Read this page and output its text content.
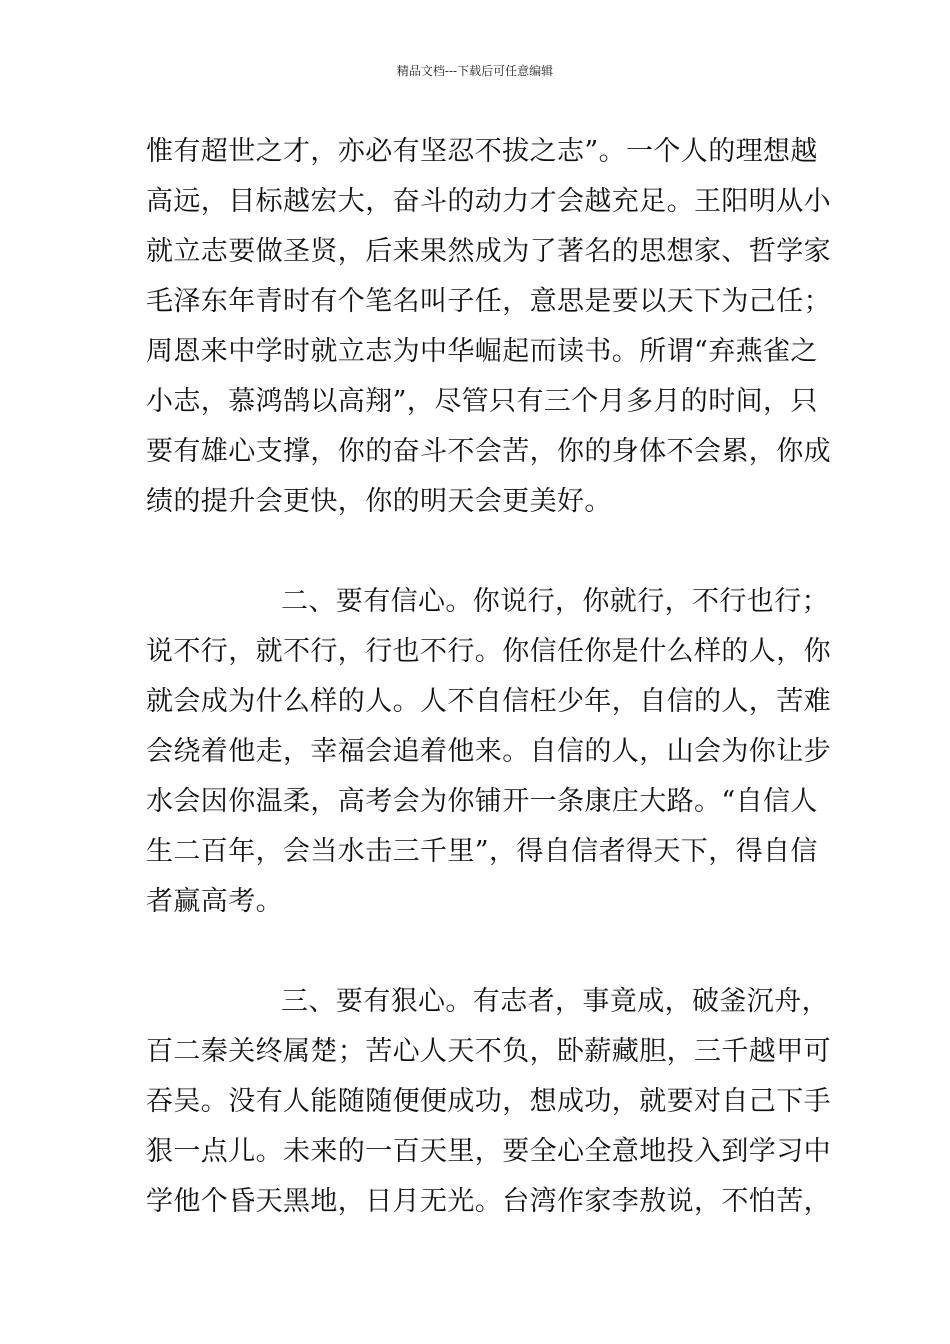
精品文档---下载后可任意编辑
惟有超世之才，亦必有坚忍不拔之志”。一个人的理想越
高远，目标越宏大，奋斗的动力才会越充足。王阳明从小
就立志要做圣贤，后来果然成为了著名的思想家、哲学家
毛泽东年青时有个笔名叫子任，意思是要以天下为己任；
周恩来中学时就立志为中华崛起而读书。所谓“弃燕雀之
小志，慕鸿鹄以高翔”，尽管只有三个月多月的时间，只
要有雄心支撑，你的奋斗不会苦，你的身体不会累，你成
绩的提升会更快，你的明天会更美好。
二、要有信心。你说行，你就行，不行也行；
说不行，就不行，行也不行。你信任你是什么样的人，你
就会成为什么样的人。人不自信枉少年，自信的人，苦难
会绕着他走，幸福会追着他来。自信的人，山会为你让步
水会因你温柔，高考会为你铺开一条康庄大路。“自信人
生二百年，会当水击三千里”，得自信者得天下，得自信
者赢高考。
三、要有狠心。有志者，事竟成，破釜沉舟，
百二秦关终属楚；苦心人天不负，卧薪藏胆，三千越甲可
吞吴。没有人能随随便便成功，想成功，就要对自己下手
狠一点儿。未来的一百天里，要全心全意地投入到学习中
学他个昏天黑地，日月无光。台湾作家李敖说，不怕苦，
